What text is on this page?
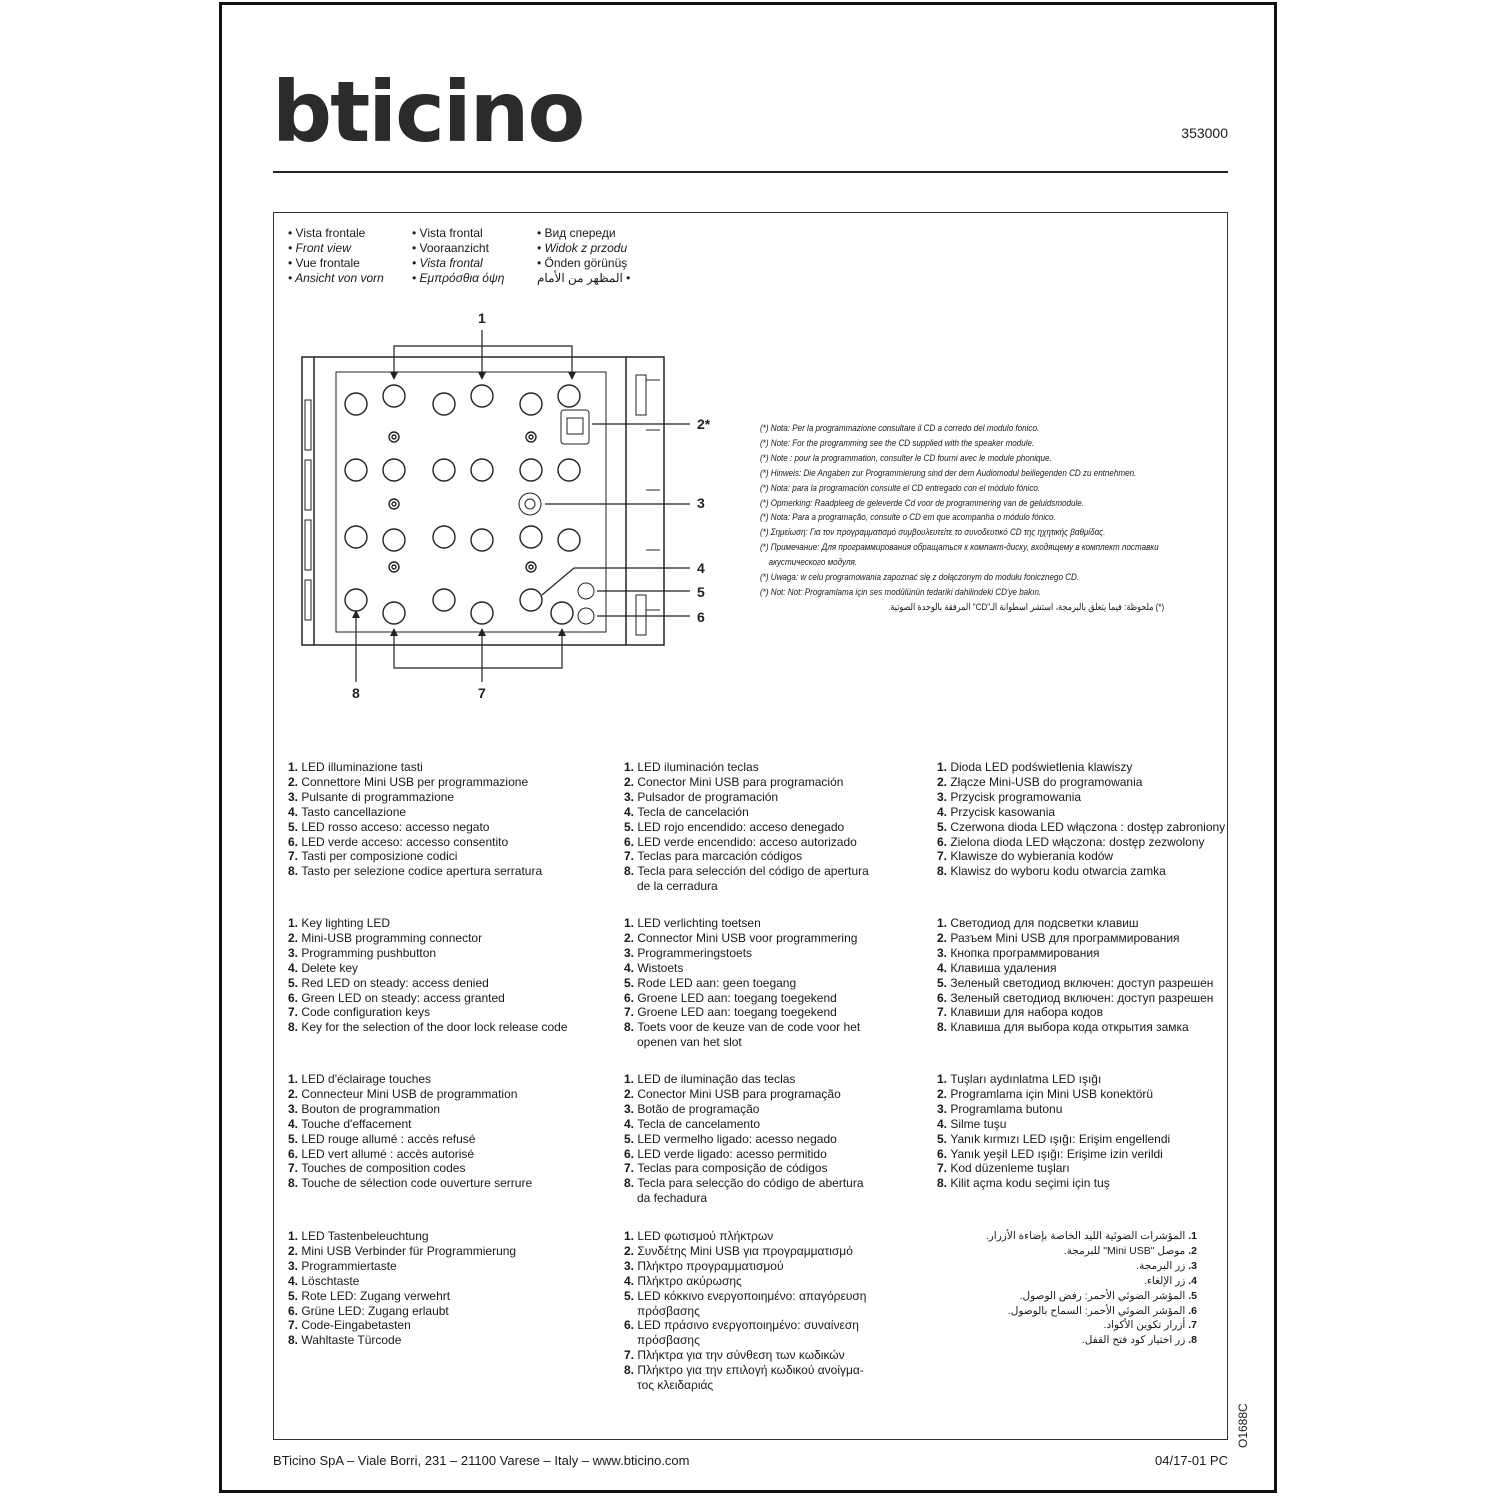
bticino	353000
• Vista frontale
• Front view
• Vue frontale
• Ansicht von vorn
• Vista frontal
• Vooraanzicht
• Vista frontal
• Εμπρόσθια όψη
• Вид спереди
• Widok z przodu
• Önden görünüş
• المظهر من الأمام
1
2*
3
4
5
6
7
8
(*) Nota: Per la programmazione consultare il CD a corredo del modulo fonico.
(*) Note: For the programming see the CD supplied with the speaker module.
(*) Note : pour la programmation, consulter le CD fourni avec le module phonique.
(*) Hinweis: Die Angaben zur Programmierung sind der dem Audiomodul beiliegenden CD zu entnehmen.
(*) Nota: para la programación consulte el CD entregado con el módulo fónico.
(*) Opmerking: Raadpleeg de geleverde Cd voor de programmering van de geluidsmodule.
(*) Nota: Para a programação, consulte o CD em que acompanha o módulo fónico.
(*) Σημείωση: Για τον προγραμματισμό συμβουλευτείτε το συνοδευτικό CD της ηχητικής βαθμίδας.
(*) Примечание: Для программирования обращаться к компакт-диску, входящему в комплект поставки
акустического модуля.
(*) Uwaga: w celu programowania zapoznać się z dołączonym do modułu fonicznego CD.
(*) Not: Not: Programlama için ses modülünün tedariki dahilindeki CD'ye bakın.
(*) ملحوظة: فيما يتعلق بالبرمجة، استشر اسطوانة الـ"CD" المرفقة بالوحدة الصوتية.
1. LED illuminazione tasti
2. Connettore Mini USB per programmazione
3. Pulsante di programmazione
4. Tasto cancellazione
5. LED rosso acceso: accesso negato
6. LED verde acceso: accesso consentito
7. Tasti per composizione codici
8. Tasto per selezione codice apertura serratura
1. LED iluminación teclas
2. Conector Mini USB para programación
3. Pulsador de programación
4. Tecla de cancelación
5. LED rojo encendido: acceso denegado
6. LED verde encendido: acceso autorizado
7. Teclas para marcación códigos
8. Tecla para selección del código de apertura
de la cerradura
1. Dioda LED podświetlenia klawiszy
2. Złącze Mini-USB do programowania
3. Przycisk programowania
4. Przycisk kasowania
5. Czerwona dioda LED włączona : dostęp zabroniony
6. Zielona dioda LED włączona: dostęp zezwolony
7. Klawisze do wybierania kodów
8. Klawisz do wyboru kodu otwarcia zamka
1. Key lighting LED
2. Mini-USB programming connector
3. Programming pushbutton
4. Delete key
5. Red LED on steady: access denied
6. Green LED on steady: access granted
7. Code configuration keys
8. Key for the selection of the door lock release code
1. LED verlichting toetsen
2. Connector Mini USB voor programmering
3. Programmeringstoets
4. Wistoets
5. Rode LED aan: geen toegang
6. Groene LED aan: toegang toegekend
7. Groene LED aan: toegang toegekend
8. Toets voor de keuze van de code voor het
openen van het slot
1. Светодиод для подсветки клавиш
2. Разъем Mini USB для программирования
3. Кнопка программирования
4. Клавиша удаления
5. Зеленый светодиод включен: доступ разрешен
6. Зеленый светодиод включен: доступ разрешен
7. Клавиши для набора кодов
8. Клавиша для выбора кода открытия замка
1. LED d'éclairage touches
2. Connecteur Mini USB de programmation
3. Bouton de programmation
4. Touche d'effacement
5. LED rouge allumé : accès refusé
6. LED vert allumé : accès autorisé
7. Touches de composition codes
8. Touche de sélection code ouverture serrure
1. LED de iluminação das teclas
2. Conector Mini USB para programação
3. Botão de programação
4. Tecla de cancelamento
5. LED vermelho ligado: acesso negado
6. LED verde ligado: acesso permitido
7. Teclas para composição de códigos
8. Tecla para selecção do código de abertura
da fechadura
1. Tuşları aydınlatma LED ışığı
2. Programlama için Mini USB konektörü
3. Programlama butonu
4. Silme tuşu
5. Yanık kırmızı LED ışığı: Erişim engellendi
6. Yanık yeşil LED ışığı: Erişime izin verildi
7. Kod düzenleme tuşları
8. Kilit açma kodu seçimi için tuş
1. LED Tastenbeleuchtung
2. Mini USB Verbinder für Programmierung
3. Programmiertaste
4. Löschtaste
5. Rote LED: Zugang verwehrt
6. Grüne LED: Zugang erlaubt
7. Code-Eingabetasten
8. Wahltaste Türcode
1. LED φωτισμού πλήκτρων
2. Συνδέτης Mini USB για προγραμματισμό
3. Πλήκτρο προγραμματισμού
4. Πλήκτρο ακύρωσης
5. LED κόκκινο ενεργοποιημένο: απαγόρευση
πρόσβασης
6. LED πράσινο ενεργοποιημένο: συναίνεση
πρόσβασης
7. Πλήκτρα για την σύνθεση των κωδικών
8. Πλήκτρο για την επιλογή κωδικού ανοίγμα-
τος κλειδαριάς
1. المؤشرات الضوئية الليد الخاصة بإضاءة الأزرار.
2. موصل "Mini USB" للبرمجة.
3. زر البرمجة.
4. زر الإلغاء.
5. المؤشر الضوئي الأحمر: رفض الوصول.
6. المؤشر الضوئي الأحمر: السماح بالوصول.
7. أزرار تكوين الأكواد.
8. زر اختيار كود فتح القفل.
BTicino SpA – Viale Borri, 231 – 21100 Varese – Italy – www.bticino.com	04/17-01 PC
O1688C
